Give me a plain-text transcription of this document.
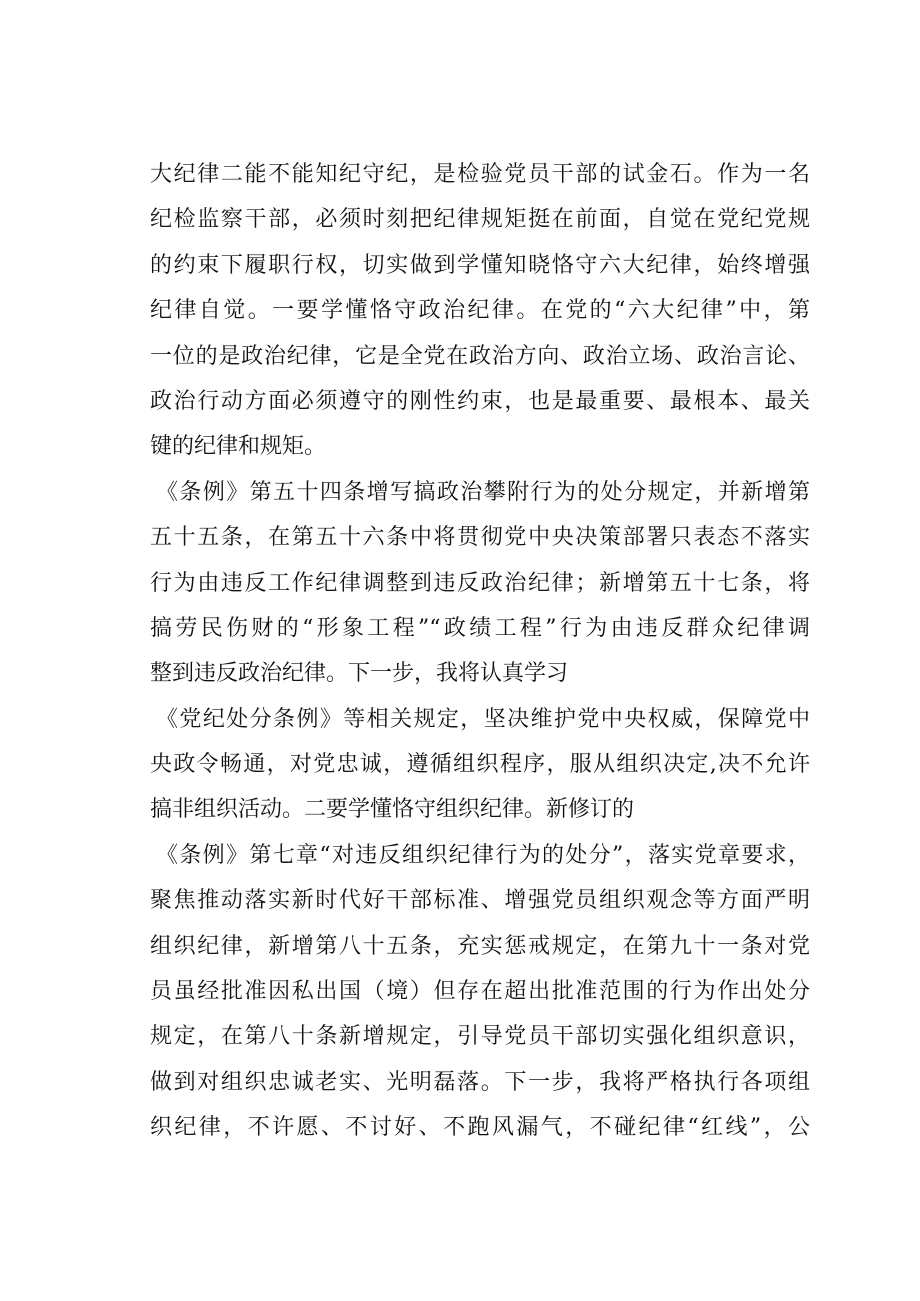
大纪律二能不能知纪守纪，是检验党员干部的试金石。作为一名
纪检监察干部，必须时刻把纪律规矩挺在前面，自觉在党纪党规
的约束下履职行权，切实做到学懂知晓恪守六大纪律，始终增强
纪律自觉。一要学懂恪守政治纪律。在党的“六大纪律”中，第
一位的是政治纪律，它是全党在政治方向、政治立场、政治言论、
政治行动方面必须遵守的刚性约束，也是最重要、最根本、最关
键的纪律和规矩。
《条例》第五十四条增写搞政治攀附行为的处分规定，并新增第
五十五条，在第五十六条中将贯彻党中央决策部署只表态不落实
行为由违反工作纪律调整到违反政治纪律；新增第五十七条，将
搞劳民伤财的“形象工程”“政绩工程”行为由违反群众纪律调
整到违反政治纪律。下一步，我将认真学习
《党纪处分条例》等相关规定，坚决维护党中央权威，保障党中
央政令畅通，对党忠诚，遵循组织程序，服从组织决定,决不允许
搞非组织活动。二要学懂恪守组织纪律。新修订的
《条例》第七章“对违反组织纪律行为的处分”，落实党章要求，
聚焦推动落实新时代好干部标准、增强党员组织观念等方面严明
组织纪律，新增第八十五条，充实惩戒规定，在第九十一条对党
员虽经批准因私出国（境）但存在超出批准范围的行为作出处分
规定，在第八十条新增规定，引导党员干部切实强化组织意识，
做到对组织忠诚老实、光明磊落。下一步，我将严格执行各项组
织纪律，不许愿、不讨好、不跑风漏气，不碰纪律“红线”，公
